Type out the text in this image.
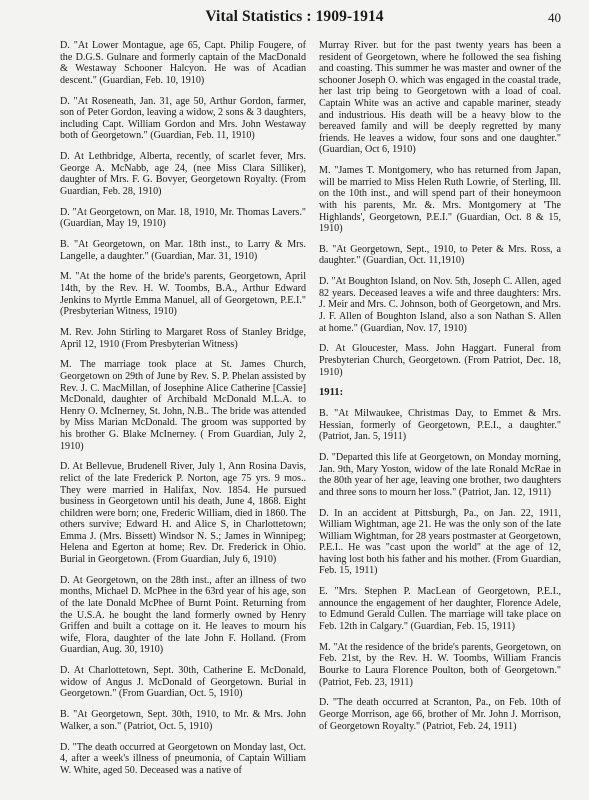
Vital Statistics : 1909-1914	40

D. "At Lower Montague, age 65, Capt. Philip Fougere, of the D.G.S. Gulnare and formerly captain of the MacDonald & Westaway Schooner Halcyon. He was of Acadian descent." (Guardian, Feb. 10, 1910)

D. "At Roseneath, Jan. 31, age 50, Arthur Gordon, farmer, son of Peter Gordon, leaving a widow, 2 sons & 3 daughters, including Capt. William Gordon and Mrs. John Westaway both of Georgetown." (Guardian, Feb. 11, 1910)

D. At Lethbridge, Alberta, recently, of scarlet fever, Mrs. George A. McNabb, age 24, (nee Miss Clara Silliker), daughter of Mrs. F. G. Bovyer, Georgetown Royalty. (From Guardian, Feb. 28, 1910)

D. "At Georgetown, on Mar. 18, 1910, Mr. Thomas Lavers." (Guardian, May 19, 1910)

B. "At Georgetown, on Mar. 18th inst., to Larry & Mrs. Langelle, a daughter." (Guardian, Mar. 31, 1910)

M. "At the home of the bride's parents, Georgetown, April 14th, by the Rev. H. W. Toombs, B.A., Arthur Edward Jenkins to Myrtle Emma Manuel, all of Georgetown, P.E.I." (Presbyterian Witness, 1910)

M. Rev. John Stirling to Margaret Ross of Stanley Bridge, April 12, 1910 (From Presbyterian Witness)

M. The marriage took place at St. James Church, Georgetown on 29th of June by Rev. S. P. Phelan assisted by Rev. J. C. MacMillan, of Josephine Alice Catherine [Cassie] McDonald, daughter of Archibald McDonald M.L.A. to Henry O. McInerney, St. John, N.B.. The bride was attended by Miss Marian McDonald. The groom was supported by his brother G. Blake McInerney. ( From Guardian, July 2, 1910)

D. At Bellevue, Brudenell River, July 1, Ann Rosina Davis, relict of the late Frederick P. Norton, age 75 yrs. 9 mos.. They were married in Halifax, Nov. 1854. He pursued business in Georgetown until his death, June 4, 1868. Eight children were born; one, Frederic William, died in 1860. The others survive; Edward H. and Alice S, in Charlottetown; Emma J. (Mrs. Bissett) Windsor N. S.; James in Winnipeg; Helena and Egerton at home; Rev. Dr. Frederick in Ohio. Burial in Georgetown. (From Guardian, July 6, 1910)

D. At Georgetown, on the 28th inst., after an illness of two months, Michael D. McPhee in the 63rd year of his age, son of the late Donald McPhee of Burnt Point. Returning from the U.S.A. he bought the land formerly owned by Henry Griffen and built a cottage on it. He leaves to mourn his wife, Flora, daughter of the late John F. Holland. (From Guardian, Aug. 30, 1910)

D. At Charlottetown, Sept. 30th, Catherine E. McDonald, widow of Angus J. McDonald of Georgetown. Burial in Georgetown." (From Guardian, Oct. 5, 1910)

B. "At Georgetown, Sept. 30th, 1910, to Mr. & Mrs. John Walker, a son." (Patriot, Oct. 5, 1910)

D. "The death occurred at Georgetown on Monday last, Oct. 4, after a week's illness of pneumonia, of Captain William W. White, aged 50. Deceased was a native of

Murray River. but for the past twenty years has been a resident of Georgetown, where he followed the sea fishing and coasting. This summer he was master and owner of the schooner Joseph O. which was engaged in the coastal trade, her last trip being to Georgetown with a load of coal. Captain White was an active and capable mariner, steady and industrious. His death will be a heavy blow to the bereaved family and will be deeply regretted by many friends. He leaves a widow, four sons and one daughter." (Guardian, Oct 6, 1910)

M. "James T. Montgomery, who has returned from Japan, will be married to Miss Helen Ruth Lowrie, of Sterling, Ill. on the 10th inst., and will spend part of their honeymoon with his parents, Mr. &. Mrs. Montgomery at 'The Highlands', Georgetown, P.E.I." (Guardian, Oct. 8 & 15, 1910)

B. "At Georgetown, Sept., 1910, to Peter & Mrs. Ross, a daughter." (Guardian, Oct. 11,1910)

D. "At Boughton Island, on Nov. 5th, Joseph C. Allen, aged 82 years. Deceased leaves a wife and three daughters: Mrs. J. Meir and Mrs. C. Johnson, both of Georgetown, and Mrs. J. F. Allen of Boughton Island, also a son Nathan S. Allen at home." (Guardian, Nov. 17, 1910)

D. At Gloucester, Mass. John Haggart. Funeral from Presbyterian Church, Georgetown. (From Patriot, Dec. 18, 1910)

1911:

B. "At Milwaukee, Christmas Day, to Emmet & Mrs. Hessian, formerly of Georgetown, P.E.I., a daughter." (Patriot, Jan. 5, 1911)

D. "Departed this life at Georgetown, on Monday morning, Jan. 9th, Mary Yoston, widow of the late Ronald McRae in the 80th year of her age, leaving one brother, two daughters and three sons to mourn her loss." (Patriot, Jan. 12, 1911)

D. In an accident at Pittsburgh, Pa., on Jan. 22, 1911, William Wightman, age 21. He was the only son of the late William Wightman, for 28 years postmaster at Georgetown, P.E.I.. He was "cast upon the world" at the age of 12, having lost both his father and his mother. (From Guardian, Feb. 15, 1911)

E. "Mrs. Stephen P. MacLean of Georgetown, P.E.I., announce the engagement of her daughter, Florence Adele, to Edmund Gerald Cullen. The marriage will take place on Feb. 12th in Calgary." (Guardian, Feb. 15, 1911)

M. "At the residence of the bride's parents, Georgetown, on Feb. 21st, by the Rev. H. W. Toombs, William Francis Bourke to Laura Florence Poulton, both of Georgetown." (Patriot, Feb. 23, 1911)

D. "The death occurred at Scranton, Pa., on Feb. 10th of George Morrison, age 66, brother of Mr. John J. Morrison, of Georgetown Royalty." (Patriot, Feb. 24, 1911)
